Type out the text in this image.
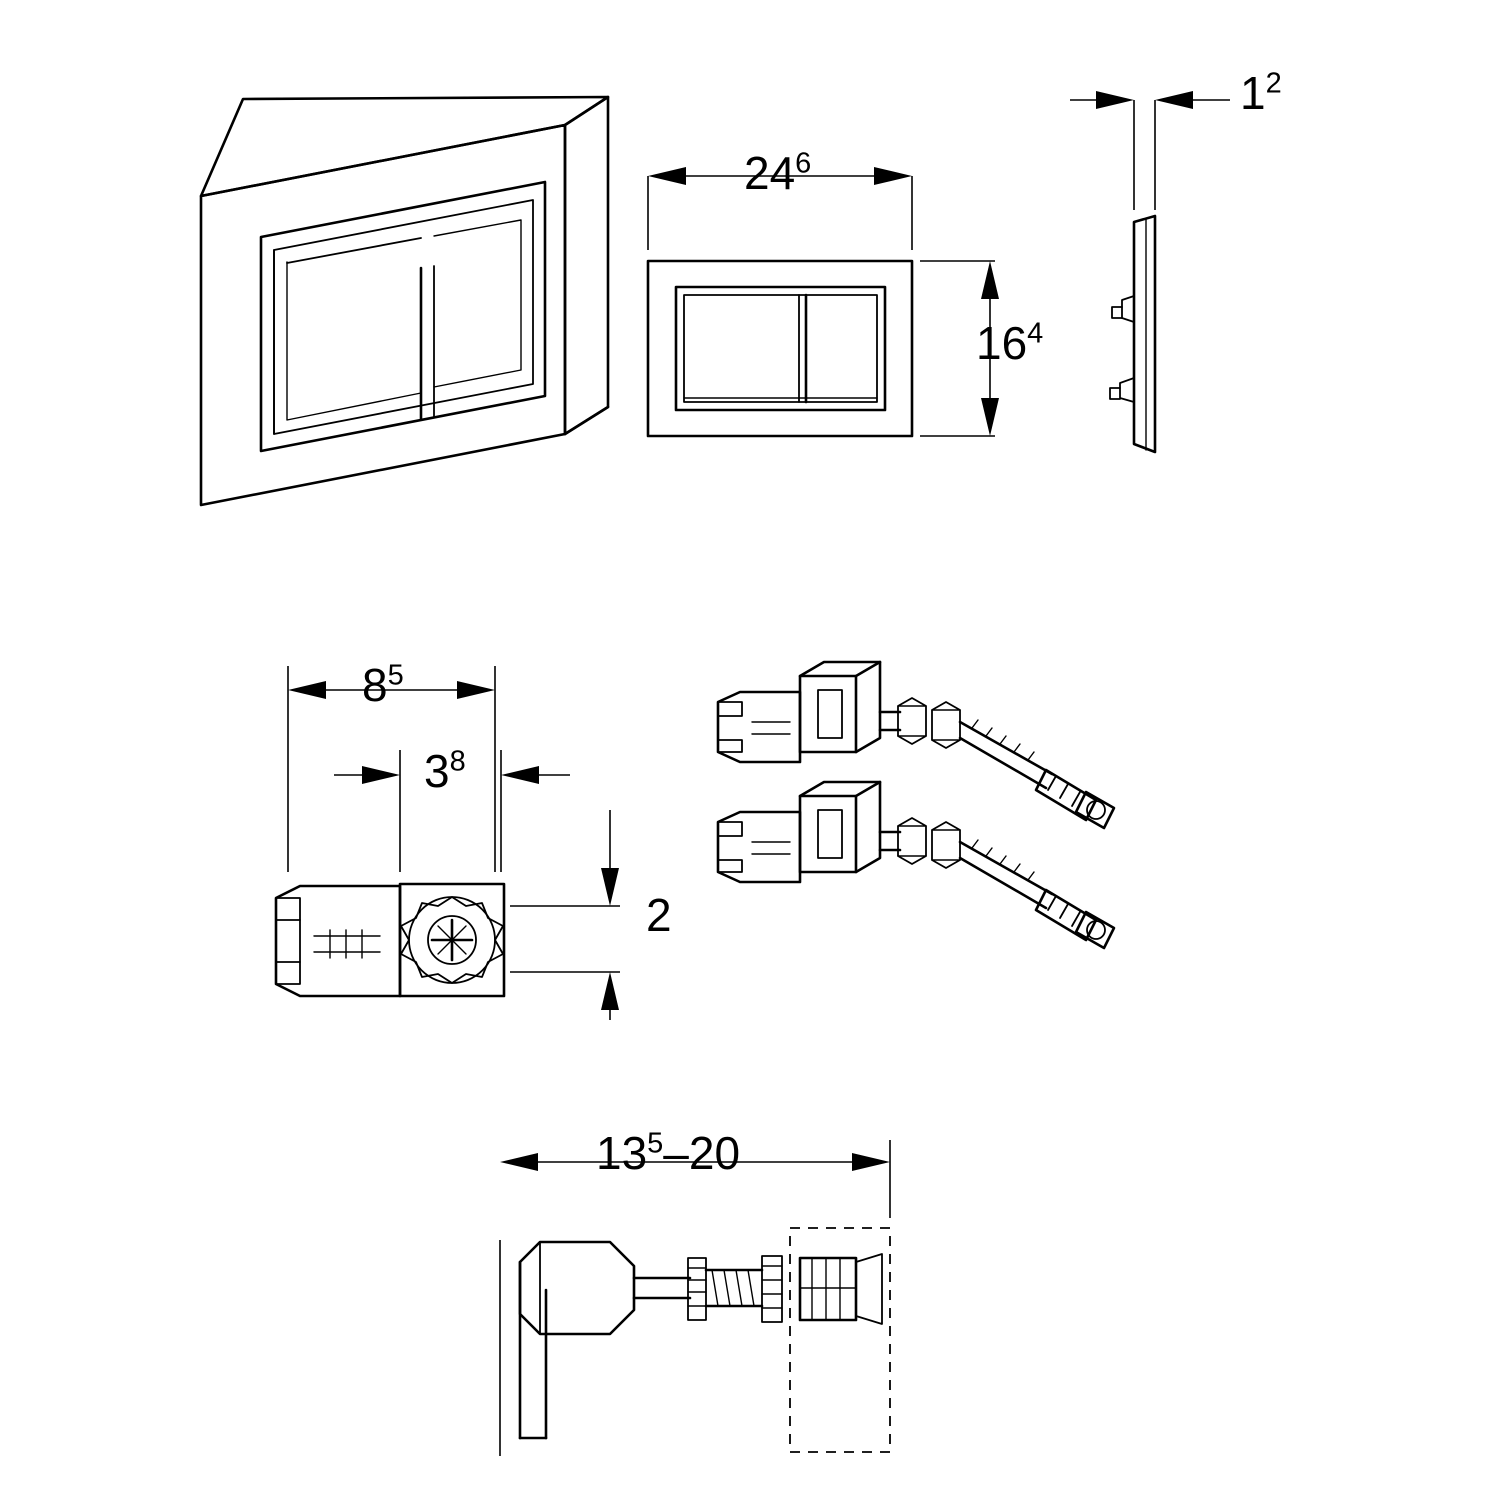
$24^6$
$16^4$
$1^2$
$8^5$
$3^8$
2
$13^5-20$
